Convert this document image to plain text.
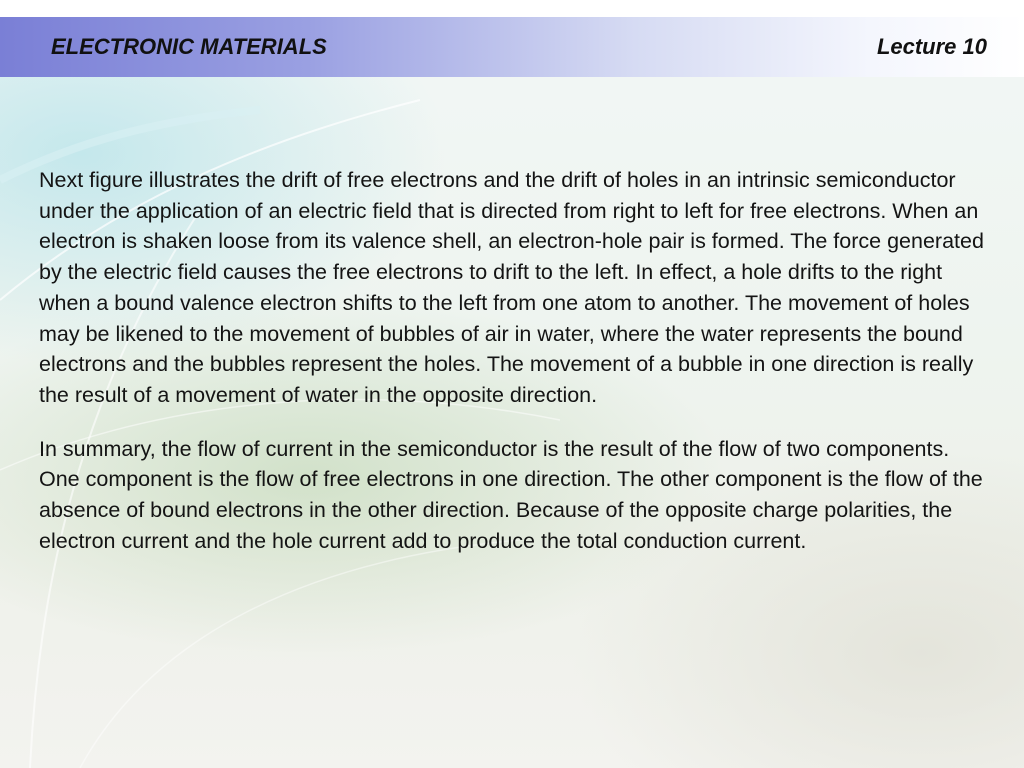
ELECTRONIC MATERIALS	Lecture 10

Next figure illustrates the drift of free electrons and the drift of holes in an intrinsic semiconductor under the application of an electric field that is directed from right to left for free electrons. When an electron is shaken loose from its valence shell, an electron-hole pair is formed. The force generated by the electric field causes the free electrons to drift to the left. In effect, a hole drifts to the right when a bound valence electron shifts to the left from one atom to another. The movement of holes may be likened to the movement of bubbles of air in water, where the water represents the bound electrons and the bubbles represent the holes. The movement of a bubble in one direction is really the result of a movement of water in the opposite direction.

In summary, the flow of current in the semiconductor is the result of the flow of two components. One component is the flow of free electrons in one direction. The other component is the flow of the absence of bound electrons in the other direction. Because of the opposite charge polarities, the electron current and the hole current add to produce the total conduction current.
